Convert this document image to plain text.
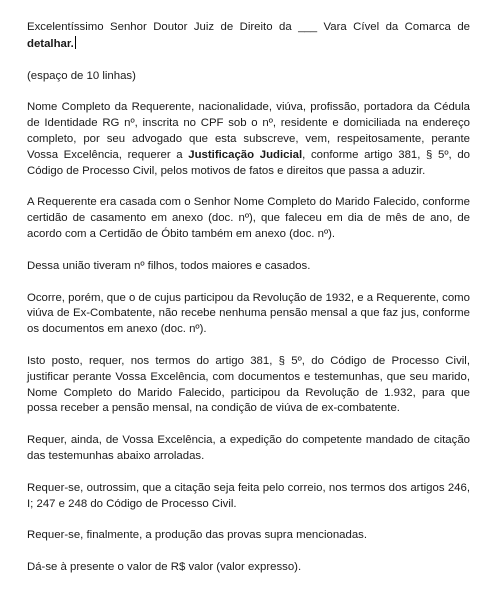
Excelentíssimo Senhor Doutor Juiz de Direito da ___ Vara Cível da Comarca de detalhar.

(espaço de 10 linhas)

Nome Completo da Requerente, nacionalidade, viúva, profissão, portadora da Cédula de Identidade RG nº, inscrita no CPF sob o nº, residente e domiciliada na endereço completo, por seu advogado que esta subscreve, vem, respeitosamente, perante Vossa Excelência, requerer a Justificação Judicial, conforme artigo 381, § 5º, do Código de Processo Civil, pelos motivos de fatos e direitos que passa a aduzir.

A Requerente era casada com o Senhor Nome Completo do Marido Falecido, conforme certidão de casamento em anexo (doc. nº), que faleceu em dia de mês de ano, de acordo com a Certidão de Óbito também em anexo (doc. nº).

Dessa união tiveram nº filhos, todos maiores e casados.

Ocorre, porém, que o de cujus participou da Revolução de 1932, e a Requerente, como viúva de Ex-Combatente, não recebe nenhuma pensão mensal a que faz jus, conforme os documentos em anexo (doc. nº).

Isto posto, requer, nos termos do artigo 381, § 5º, do Código de Processo Civil, justificar perante Vossa Excelência, com documentos e testemunhas, que seu marido, Nome Completo do Marido Falecido, participou da Revolução de 1.932, para que possa receber a pensão mensal, na condição de viúva de ex-combatente.

Requer, ainda, de Vossa Excelência, a expedição do competente mandado de citação das testemunhas abaixo arroladas.

Requer-se, outrossim, que a citação seja feita pelo correio, nos termos dos artigos 246, I; 247 e 248 do Código de Processo Civil.

Requer-se, finalmente, a produção das provas supra mencionadas.

Dá-se à presente o valor de R$ valor (valor expresso).
